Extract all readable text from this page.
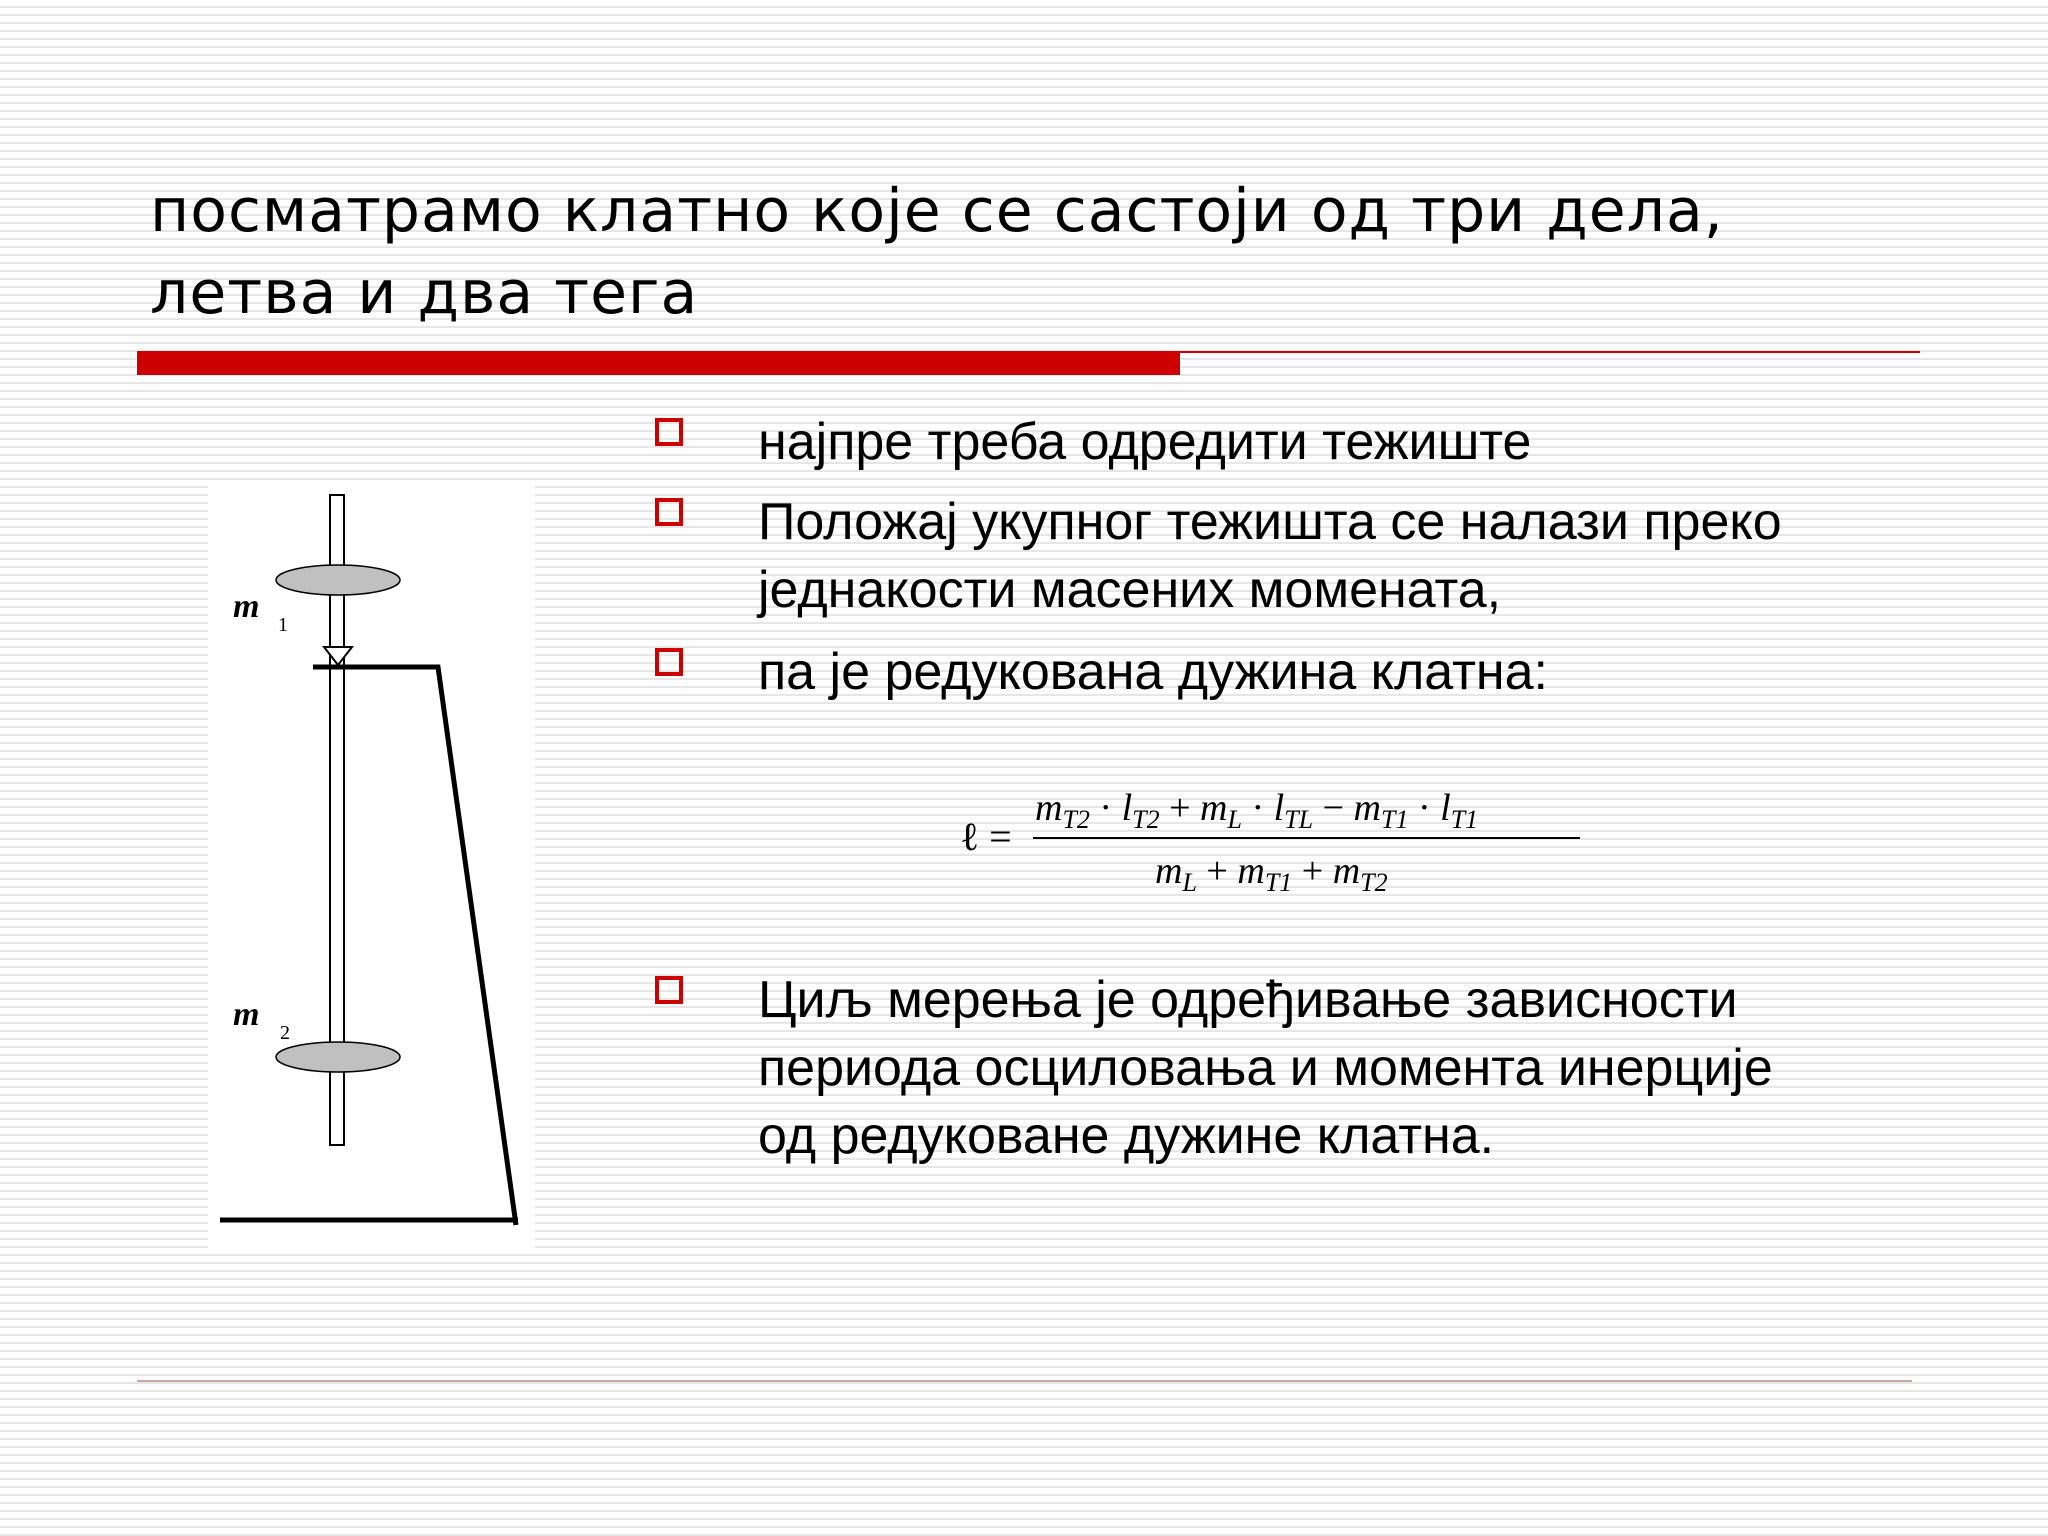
посматрамо клатно које се састоји од три дела,
летва и два тега
m 1
m 2
најпре треба одредити тежиште
Положај укупног тежишта се налази преко
једнакости масених момената,
па је редукована дужина клатна:
Циљ мерења је одређивање зависности
периода осциловања и момента инерције
од редуковане дужине клатна.
ℓ =
$m_{T2} \cdot l_{T2} + m_L \cdot l_{TL} - m_{T1} \cdot l_{T1}$
$m_L + m_{T1} + m_{T2}$
